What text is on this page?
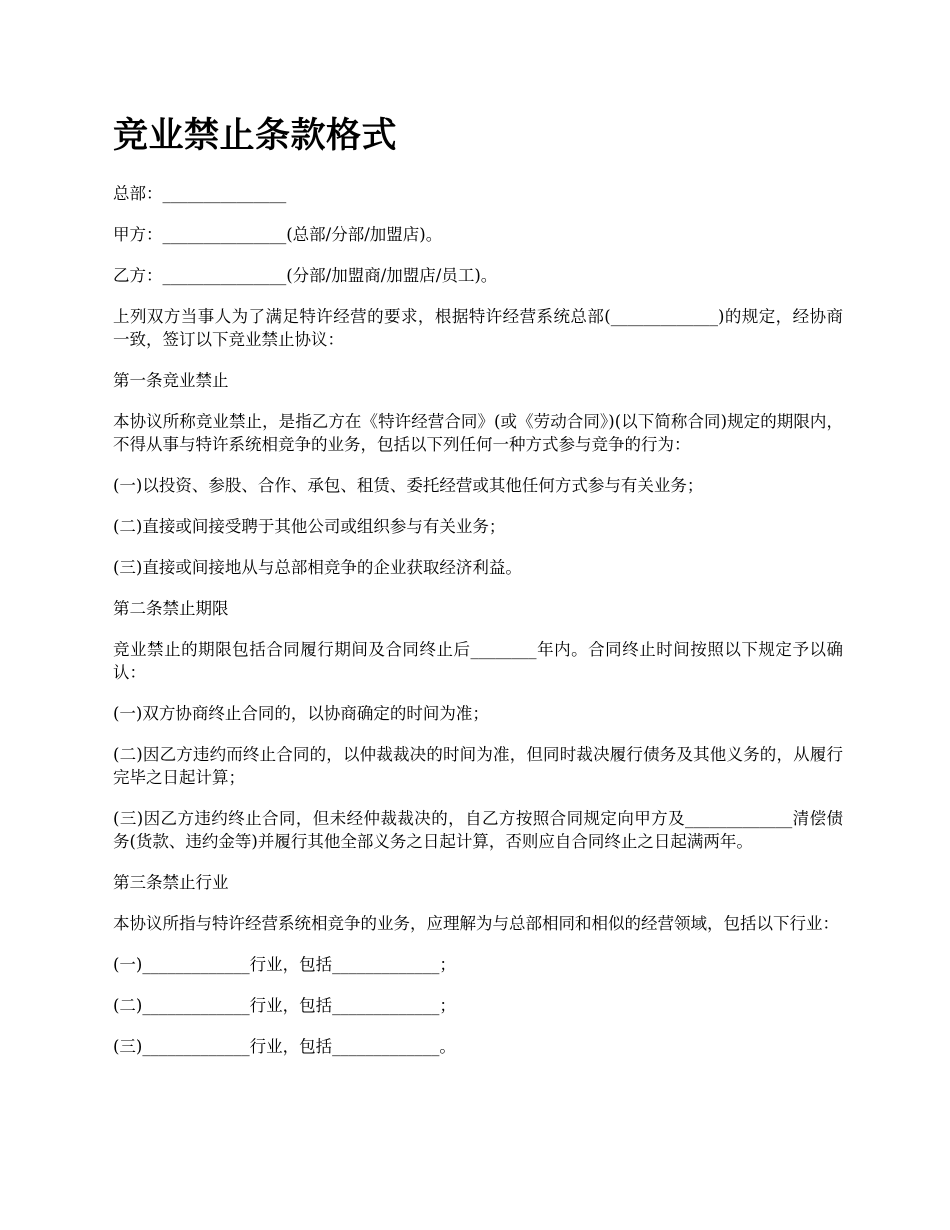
竞业禁止条款格式

总部：_______________

甲方：_______________(总部/分部/加盟店)。

乙方：_______________(分部/加盟商/加盟店/员工)。

上列双方当事人为了满足特许经营的要求，根据特许经营系统总部(_____________)的规定，经协商一致，签订以下竞业禁止协议：

第一条竞业禁止

本协议所称竞业禁止，是指乙方在《特许经营合同》(或《劳动合同》)(以下简称合同)规定的期限内，不得从事与特许系统相竞争的业务，包括以下列任何一种方式参与竞争的行为：

(一)以投资、参股、合作、承包、租赁、委托经营或其他任何方式参与有关业务；

(二)直接或间接受聘于其他公司或组织参与有关业务；

(三)直接或间接地从与总部相竞争的企业获取经济利益。

第二条禁止期限

竞业禁止的期限包括合同履行期间及合同终止后________年内。合同终止时间按照以下规定予以确认：

(一)双方协商终止合同的，以协商确定的时间为准；

(二)因乙方违约而终止合同的，以仲裁裁决的时间为准，但同时裁决履行债务及其他义务的，从履行完毕之日起计算；

(三)因乙方违约终止合同，但未经仲裁裁决的，自乙方按照合同规定向甲方及_____________清偿债务(货款、违约金等)并履行其他全部义务之日起计算，否则应自合同终止之日起满两年。

第三条禁止行业

本协议所指与特许经营系统相竞争的业务，应理解为与总部相同和相似的经营领域，包括以下行业：

(一)_____________行业，包括_____________；

(二)_____________行业，包括_____________；

(三)_____________行业，包括_____________。
